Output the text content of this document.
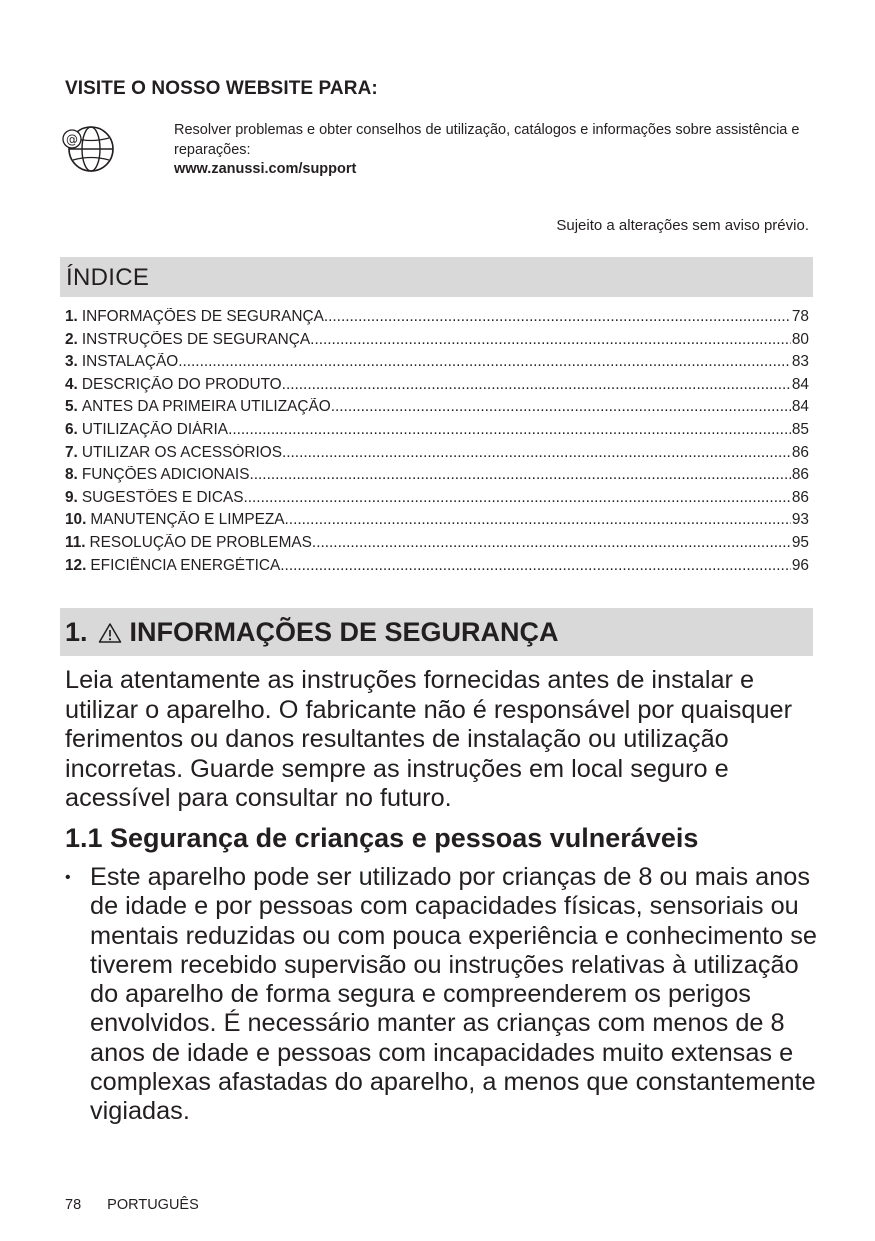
VISITE O NOSSO WEBSITE PARA:
@
Resolver problemas e obter conselhos de utilização, catálogos e informações sobre assistência e reparações:
www.zanussi.com/support
Sujeito a alterações sem aviso prévio.
ÍNDICE
1. INFORMAÇÕES DE SEGURANÇA .....	78
2. INSTRUÇÕES DE SEGURANÇA .....	80
3. INSTALAÇÃO .....	83
4. DESCRIÇÃO DO PRODUTO .....	84
5. ANTES DA PRIMEIRA UTILIZAÇÃO .....	84
6. UTILIZAÇÃO DIÁRIA .....	85
7. UTILIZAR OS ACESSÓRIOS .....	86
8. FUNÇÕES ADICIONAIS .....	86
9. SUGESTÕES E DICAS .....	86
10. MANUTENÇÃO E LIMPEZA .....	93
11. RESOLUÇÃO DE PROBLEMAS .....	95
12. EFICIÊNCIA ENERGÉTICA .....	96
1. INFORMAÇÕES DE SEGURANÇA

Leia atentamente as instruções fornecidas antes de instalar e utilizar o aparelho. O fabricante não é responsável por quaisquer ferimentos ou danos resultantes de instalação ou utilização incorretas. Guarde sempre as instruções em local seguro e acessível para consultar no futuro.

1.1 Segurança de crianças e pessoas vulneráveis
• Este aparelho pode ser utilizado por crianças de 8 ou mais anos de idade e por pessoas com capacidades físicas, sensoriais ou mentais reduzidas ou com pouca experiência e conhecimento se tiverem recebido supervisão ou instruções relativas à utilização do aparelho de forma segura e compreenderem os perigos envolvidos. É necessário manter as crianças com menos de 8 anos de idade e pessoas com incapacidades muito extensas e complexas afastadas do aparelho, a menos que constantemente vigiadas.
78 PORTUGUÊS
